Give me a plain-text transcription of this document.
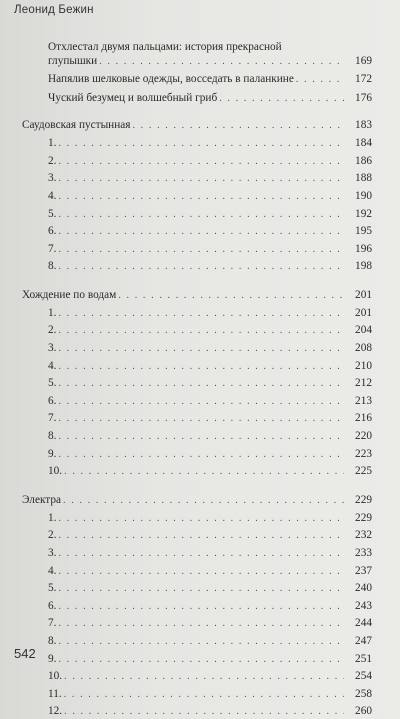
Леонид Бежин
Отхлестал двумя пальцами: история прекрасной
глупышки . . .	169
Напялив шелковые одежды, восседать в паланкине . . .	172
Чуский безумец и волшебный гриб . . .	176
Саудовская пустынная . . .	183
1. . . .	184
2. . . .	186
3. . . .	188
4. . . .	190
5. . . .	192
6. . . .	195
7. . . .	196
8. . . .	198
Хождение по водам . . .	201
1. . . .	201
2. . . .	204
3. . . .	208
4. . . .	210
5. . . .	212
6. . . .	213
7. . . .	216
8. . . .	220
9. . . .	223
10. . . .	225
Электра . . .	229
1. . . .	229
2. . . .	232
3. . . .	233
4. . . .	237
5. . . .	240
6. . . .	243
7. . . .	244
8. . . .	247
9. . . .	251
10. . . .	254
11. . . .	258
12. . . .	260
542
